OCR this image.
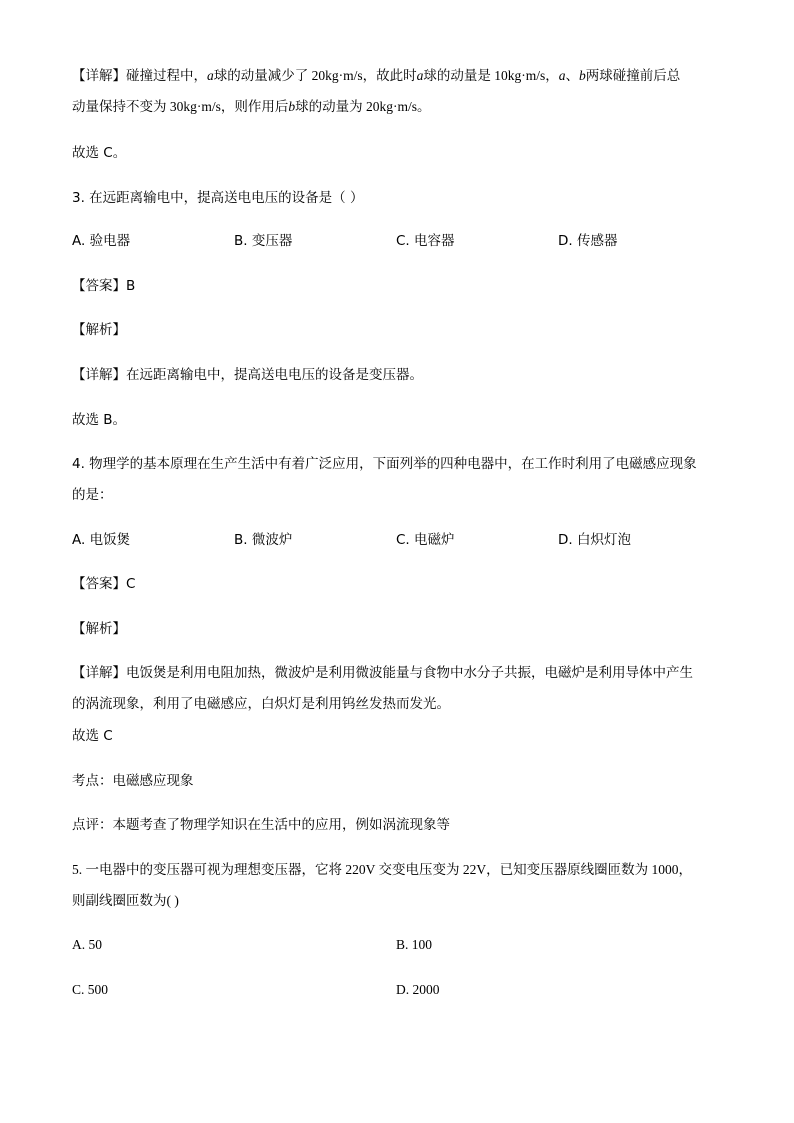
【详解】碰撞过程中，a球的动量减少了 20kg·m/s，故此时a球的动量是 10kg·m/s，a、b两球碰撞前后总
动量保持不变为 30kg·m/s，则作用后b球的动量为 20kg·m/s。
故选 C。
3. 在远距离输电中，提高送电电压的设备是（ ）
A. 验电器	B. 变压器	C. 电容器	D. 传感器
【答案】B
【解析】
【详解】在远距离输电中，提高送电电压的设备是变压器。
故选 B。
4. 物理学的基本原理在生产生活中有着广泛应用，下面列举的四种电器中，在工作时利用了电磁感应现象
的是：
A. 电饭煲	B. 微波炉	C. 电磁炉	D. 白炽灯泡
【答案】C
【解析】
【详解】电饭煲是利用电阻加热，微波炉是利用微波能量与食物中水分子共振，电磁炉是利用导体中产生
的涡流现象，利用了电磁感应，白炽灯是利用钨丝发热而发光。
故选 C
考点：电磁感应现象
点评：本题考查了物理学知识在生活中的应用，例如涡流现象等
5. 一电器中的变压器可视为理想变压器，它将 220V 交变电压变为 22V，已知变压器原线圈匝数为 1000，
则副线圈匝数为( )
A. 50	B. 100
C. 500	D. 2000
